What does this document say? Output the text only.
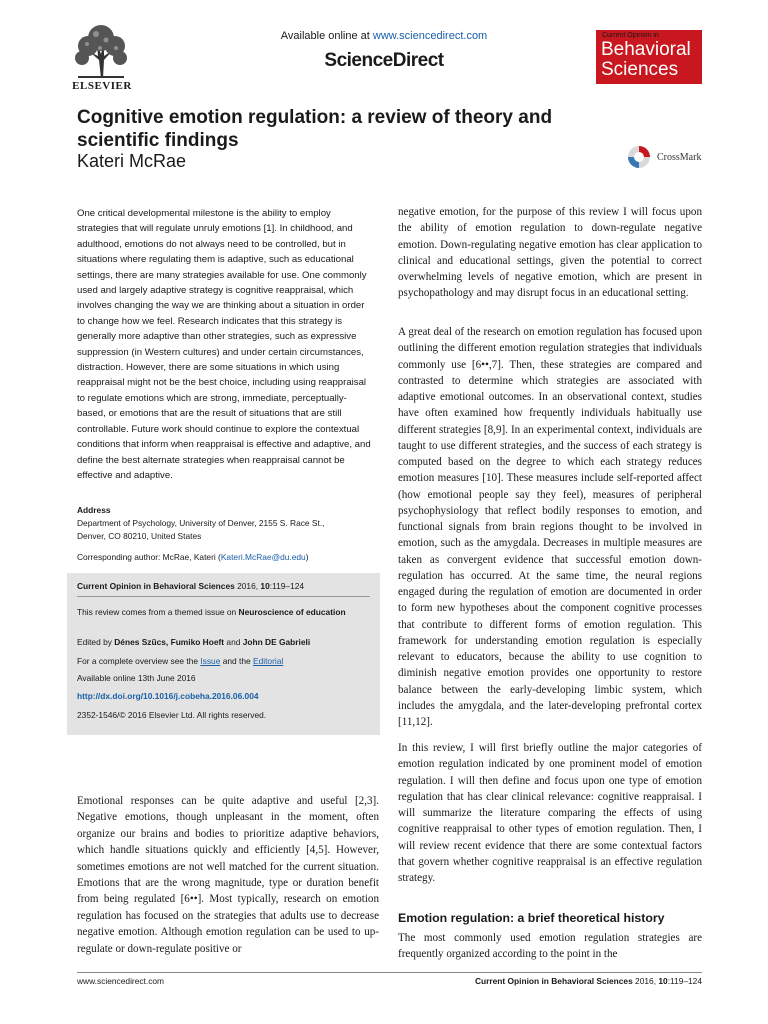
ELSEVIER
Available online at www.sciencedirect.com
ScienceDirect
Current Opinion in
Behavioral
Sciences
Cognitive emotion regulation: a review of theory and scientific findings
Kateri McRae	CrossMark
One critical developmental milestone is the ability to employ strategies that will regulate unruly emotions [1]. In childhood, and adulthood, emotions do not always need to be controlled, but in situations where regulating them is adaptive, such as educational settings, there are many strategies available for use. One commonly used and largely adaptive strategy is cognitive reappraisal, which involves changing the way we are thinking about a situation in order to change how we feel. Research indicates that this strategy is generally more adaptive than other strategies, such as expressive suppression (in Western cultures) and under certain circumstances, distraction. However, there are some situations in which using reappraisal might not be the best choice, including using reappraisal to regulate emotions which are strong, immediate, perceptually-based, or emotions that are the result of situations that are still controllable. Future work should continue to explore the contextual conditions that inform when reappraisal is effective and adaptive, and define the best alternate strategies when reappraisal cannot be effective and adaptive.
Address
Department of Psychology, University of Denver, 2155 S. Race St.,
Denver, CO 80210, United States
Corresponding author: McRae, Kateri (Kateri.McRae@du.edu)
Current Opinion in Behavioral Sciences 2016, 10:119–124
This review comes from a themed issue on Neuroscience of education
Edited by Dénes Szũcs, Fumiko Hoeft and John DE Gabrieli
For a complete overview see the Issue and the Editorial
Available online 13th June 2016
http://dx.doi.org/10.1016/j.cobeha.2016.06.004
2352-1546/© 2016 Elsevier Ltd. All rights reserved.
Emotional responses can be quite adaptive and useful [2,3]. Negative emotions, though unpleasant in the moment, often organize our brains and bodies to prioritize adaptive behaviors, which handle situations quickly and efficiently [4,5]. However, sometimes emotions are not well matched for the current situation. Emotions that are the wrong magnitude, type or duration benefit from being regulated [6••]. Most typically, research on emotion regulation has focused on the strategies that adults use to decrease negative emotion. Although emotion regulation can be used to up-regulate or down-regulate positive or

negative emotion, for the purpose of this review I will focus upon the ability of emotion regulation to down-regulate negative emotion. Down-regulating negative emotion has clear application to clinical and educational settings, given the potential to correct overwhelming levels of negative emotion, which are present in psychopathology and may disrupt focus in an educational setting.

A great deal of the research on emotion regulation has focused upon outlining the different emotion regulation strategies that individuals commonly use [6••,7]. Then, these strategies are compared and contrasted to determine which strategies are associated with adaptive emotional outcomes. In an observational context, studies have often examined how frequently individuals habitually use different strategies [8,9]. In an experimental context, individuals are taught to use different strategies, and the success of each strategy is computed based on the degree to which each strategy reduces emotion measures [10]. These measures include self-reported affect (how emotional people say they feel), measures of peripheral psychophysiology that reflect bodily responses to emotion, and functional signals from brain regions thought to be involved in emotion, such as the amygdala. Decreases in multiple measures are taken as convergent evidence that successful emotion down-regulation has occurred. At the same time, the neural regions engaged during the regulation of emotion are documented in order to form new hypotheses about the component cognitive processes that contribute to different forms of emotion regulation. This framework for understanding emotion regulation is especially relevant to educators, because the ability to use cognition to diminish negative emotion provides one opportunity to restore balance between the early-developing limbic system, which includes the amygdala, and the later-developing prefrontal cortex [11,12].

In this review, I will first briefly outline the major categories of emotion regulation indicated by one prominent model of emotion regulation. I will then define and focus upon one type of emotion regulation that has clear clinical relevance: cognitive reappraisal. I will summarize the literature comparing the effects of using cognitive reappraisal to other types of emotion regulation. Then, I will review recent evidence that there are some contextual factors that govern whether cognitive reappraisal is an effective regulation strategy.

Emotion regulation: a brief theoretical history

The most commonly used emotion regulation strategies are frequently organized according to the point in the

www.sciencedirect.com	Current Opinion in Behavioral Sciences 2016, 10:119–124
